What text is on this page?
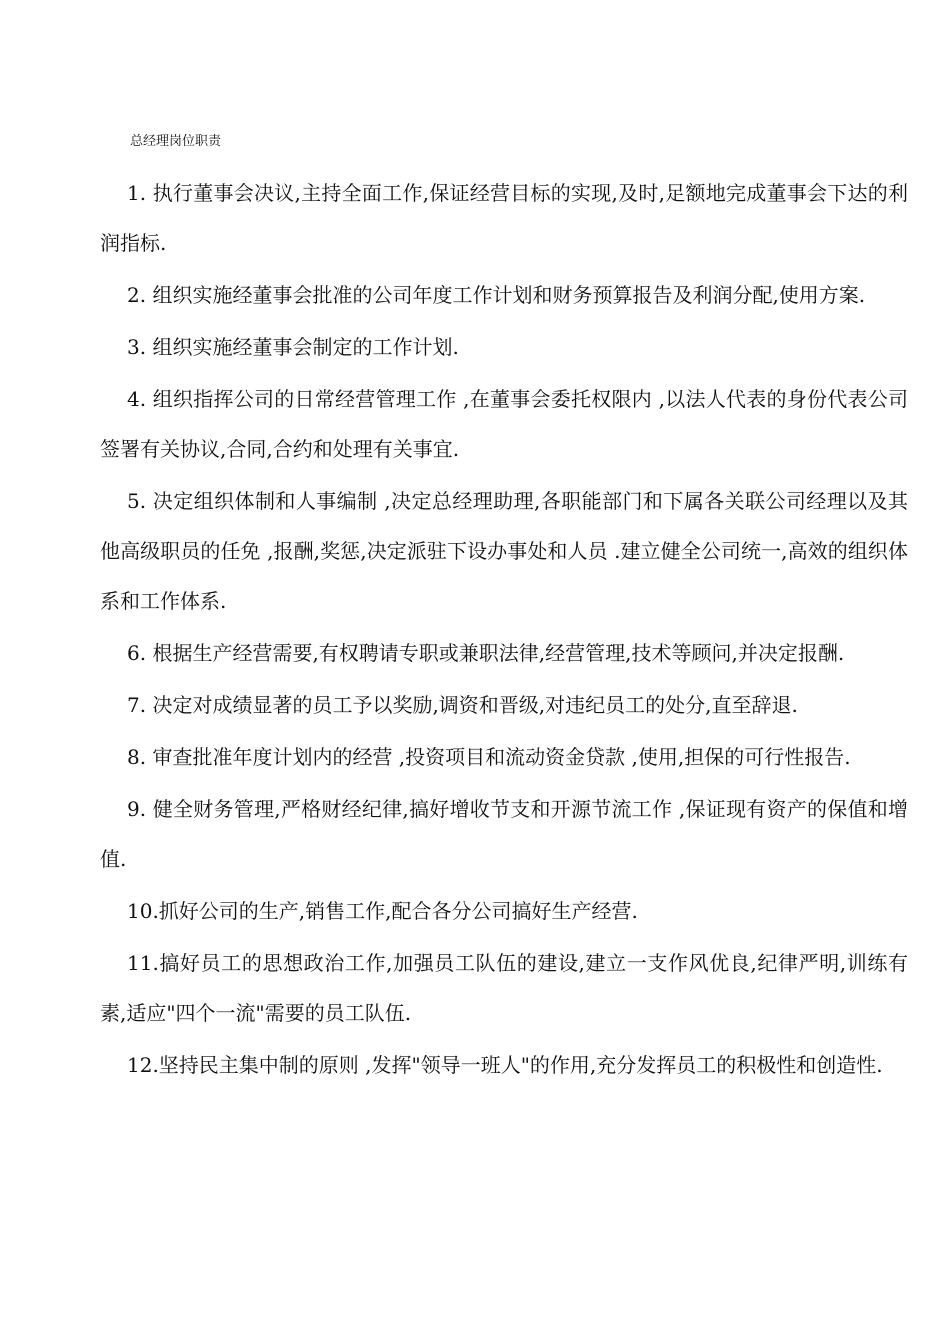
总经理岗位职责

1. 执行董事会决议,主持全面工作,保证经营目标的实现,及时,足额地完成董事会下达的利润指标.

2. 组织实施经董事会批准的公司年度工作计划和财务预算报告及利润分配,使用方案.

3. 组织实施经董事会制定的工作计划.

4. 组织指挥公司的日常经营管理工作 ,在董事会委托权限内 ,以法人代表的身份代表公司签署有关协议,合同,合约和处理有关事宜.

5. 决定组织体制和人事编制 ,决定总经理助理,各职能部门和下属各关联公司经理以及其他高级职员的任免 ,报酬,奖惩,决定派驻下设办事处和人员 .建立健全公司统一,高效的组织体系和工作体系.

6. 根据生产经营需要,有权聘请专职或兼职法律,经营管理,技术等顾问,并决定报酬.

7. 决定对成绩显著的员工予以奖励,调资和晋级,对违纪员工的处分,直至辞退.

8. 审查批准年度计划内的经营 ,投资项目和流动资金贷款 ,使用,担保的可行性报告.

9. 健全财务管理,严格财经纪律,搞好增收节支和开源节流工作 ,保证现有资产的保值和增值.

10.抓好公司的生产,销售工作,配合各分公司搞好生产经营.

11.搞好员工的思想政治工作,加强员工队伍的建设,建立一支作风优良,纪律严明,训练有素,适应"四个一流"需要的员工队伍.

12.坚持民主集中制的原则 ,发挥"领导一班人"的作用,充分发挥员工的积极性和创造性.
